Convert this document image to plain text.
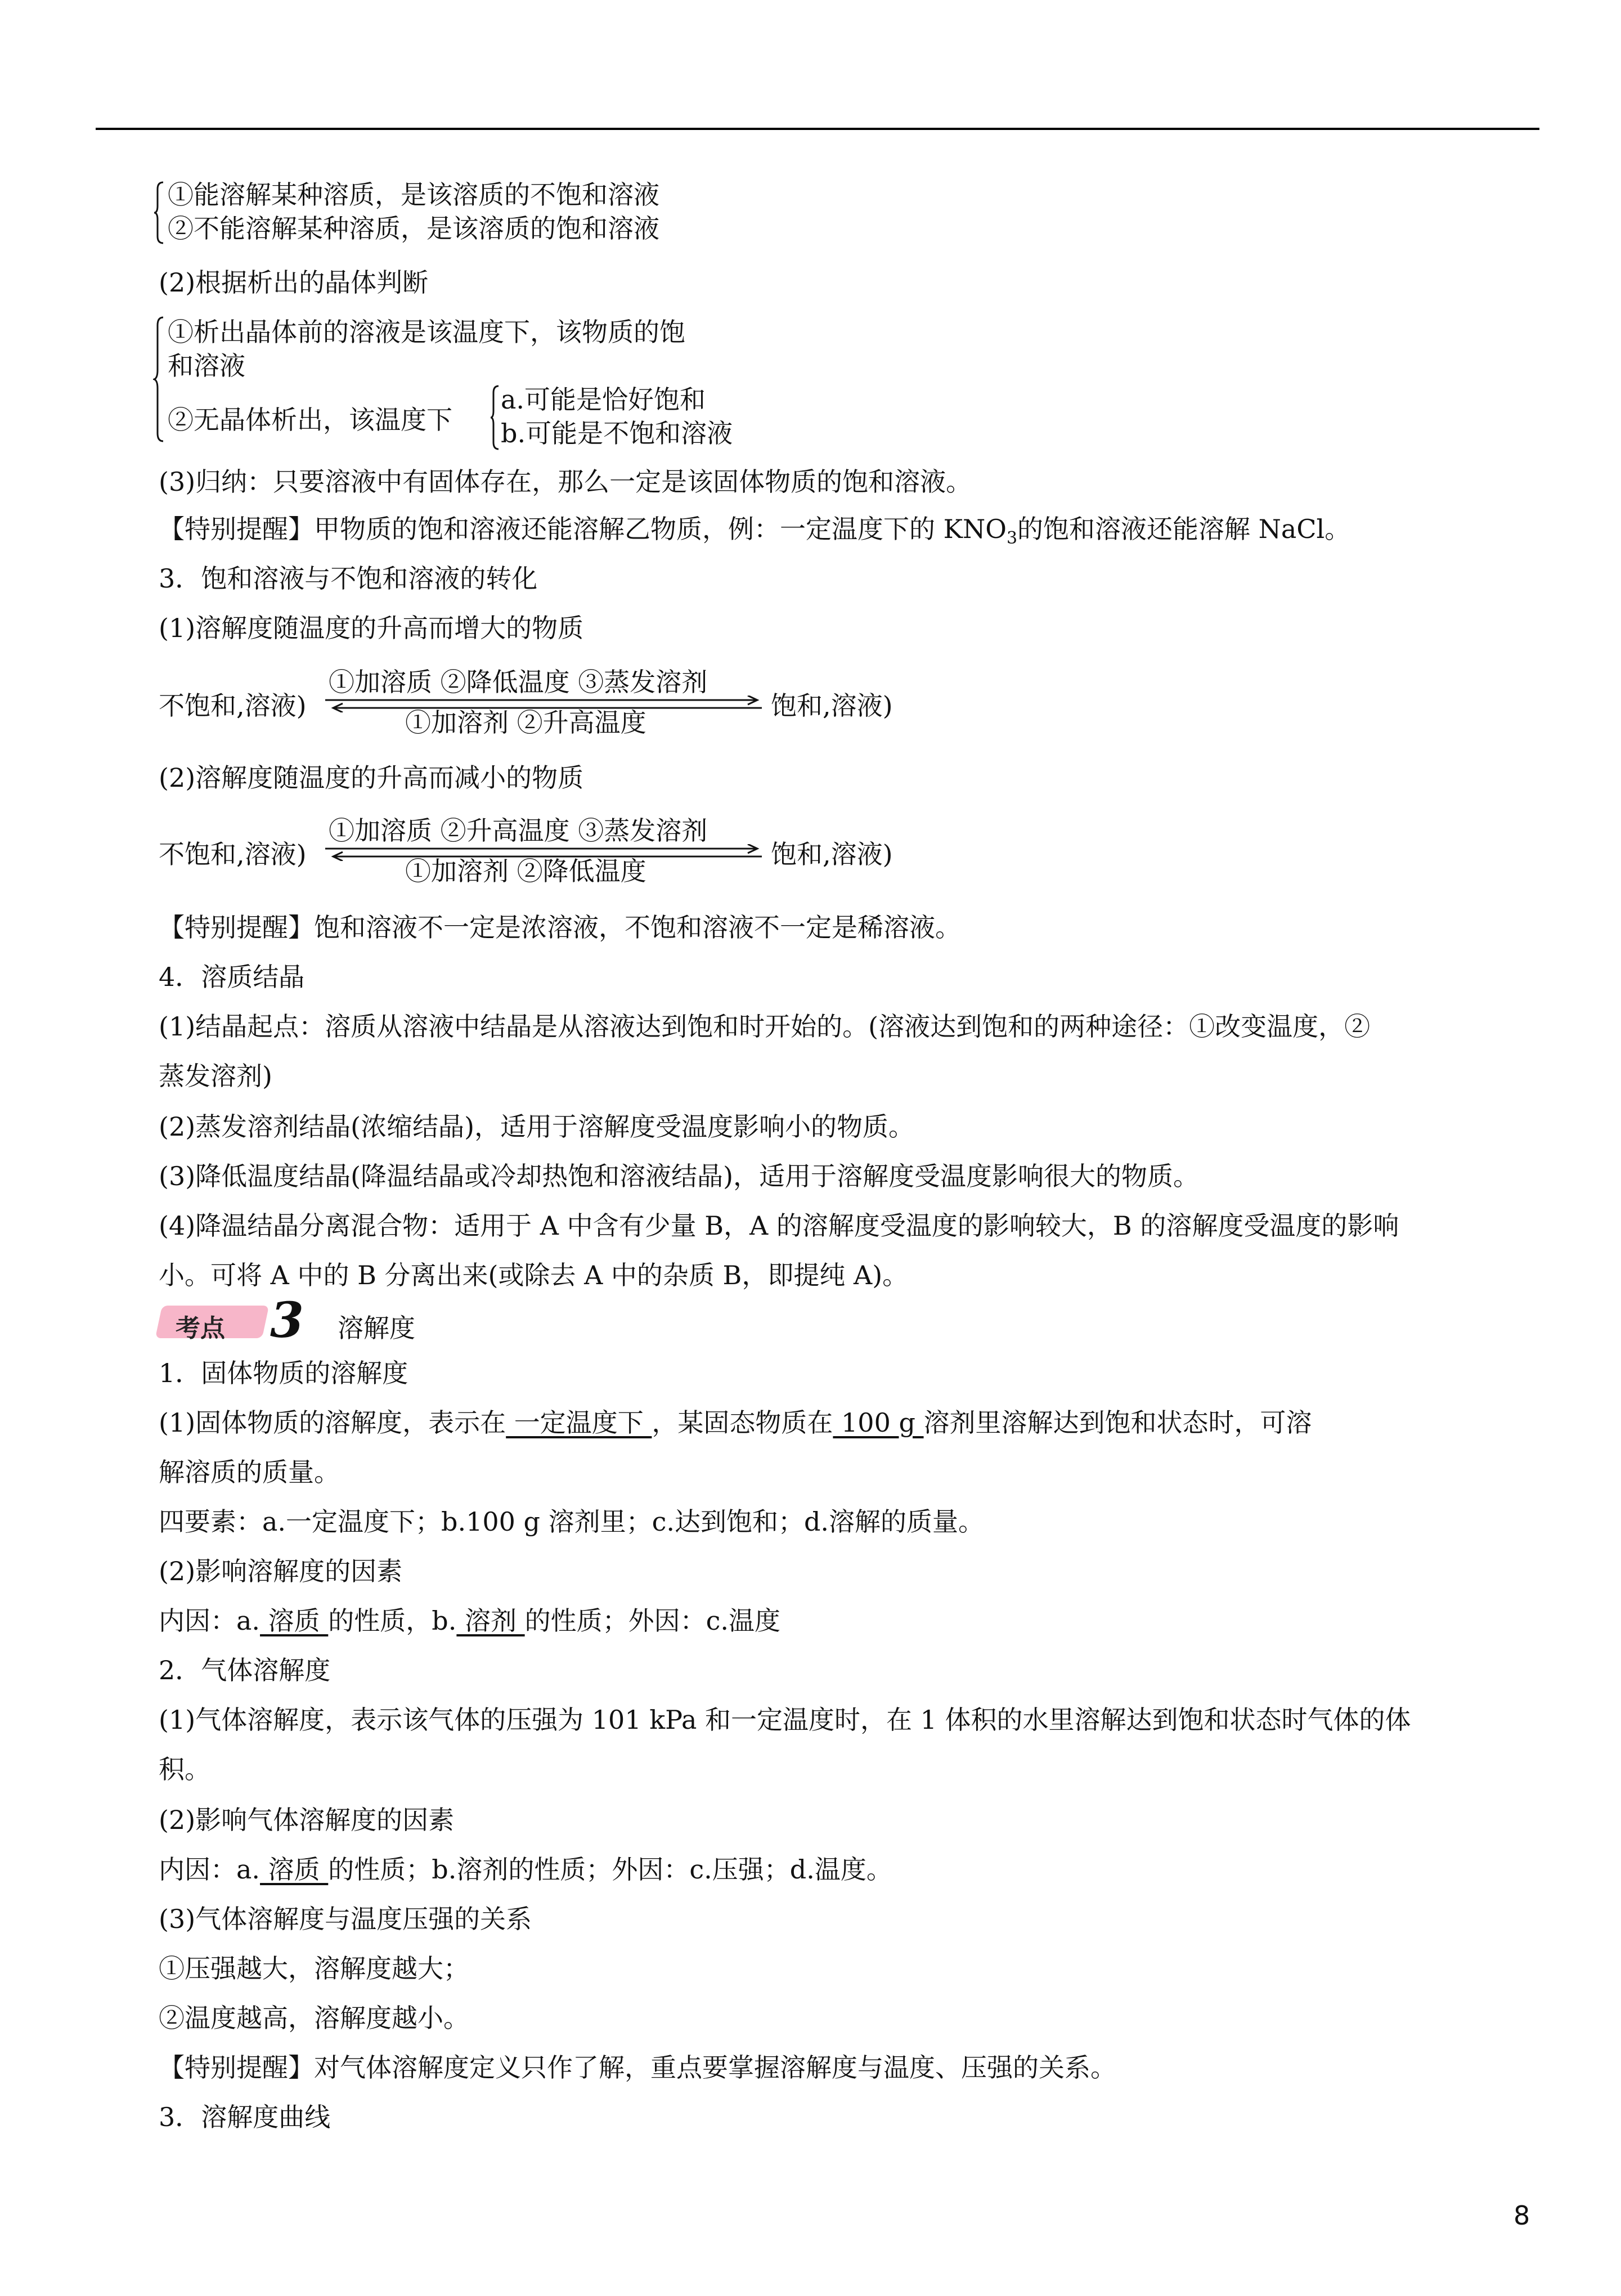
①能溶解某种溶质，是该溶质的不饱和溶液
②不能溶解某种溶质，是该溶质的饱和溶液
(2)根据析出的晶体判断
①析出晶体前的溶液是该温度下，该物质的饱
和溶液
②无晶体析出，该温度下
a.可能是恰好饱和
b.可能是不饱和溶液
(3)归纳：只要溶液中有固体存在，那么一定是该固体物质的饱和溶液。
【特别提醒】甲物质的饱和溶液还能溶解乙物质，例：一定温度下的 $KNO_3$的饱和溶液还能溶解 NaCl。
3．饱和溶液与不饱和溶液的转化
(1)溶解度随温度的升高而增大的物质
不饱和,溶液)
①加溶质 ②降低温度 ③蒸发溶剂
①加溶剂 ②升高温度
饱和,溶液)
(2)溶解度随温度的升高而减小的物质
不饱和,溶液)
①加溶质 ②升高温度 ③蒸发溶剂
①加溶剂 ②降低温度
饱和,溶液)
【特别提醒】饱和溶液不一定是浓溶液，不饱和溶液不一定是稀溶液。
4．溶质结晶
(1)结晶起点：溶质从溶液中结晶是从溶液达到饱和时开始的。(溶液达到饱和的两种途径：①改变温度，②
蒸发溶剂)
(2)蒸发溶剂结晶(浓缩结晶)，适用于溶解度受温度影响小的物质。
(3)降低温度结晶(降温结晶或冷却热饱和溶液结晶)，适用于溶解度受温度影响很大的物质。
(4)降温结晶分离混合物：适用于 A 中含有少量 B，A 的溶解度受温度的影响较大，B 的溶解度受温度的影响
小。可将 A 中的 B 分离出来(或除去 A 中的杂质 B，即提纯 A)。
考点 3 溶解度
1．固体物质的溶解度
(1)固体物质的溶解度，表示在 一定温度下 ，某固态物质在 100 g 溶剂里溶解达到饱和状态时，可溶
解溶质的质量。
四要素：a.一定温度下；b.100 g 溶剂里；c.达到饱和；d.溶解的质量。
(2)影响溶解度的因素
内因：a. 溶质 的性质，b. 溶剂 的性质；外因：c.温度
2．气体溶解度
(1)气体溶解度，表示该气体的压强为 101 kPa 和一定温度时，在 1 体积的水里溶解达到饱和状态时气体的体
积。
(2)影响气体溶解度的因素
内因：a. 溶质 的性质；b.溶剂的性质；外因：c.压强；d.温度。
(3)气体溶解度与温度压强的关系
①压强越大，溶解度越大；
②温度越高，溶解度越小。
【特别提醒】对气体溶解度定义只作了解，重点要掌握溶解度与温度、压强的关系。
3．溶解度曲线
8
